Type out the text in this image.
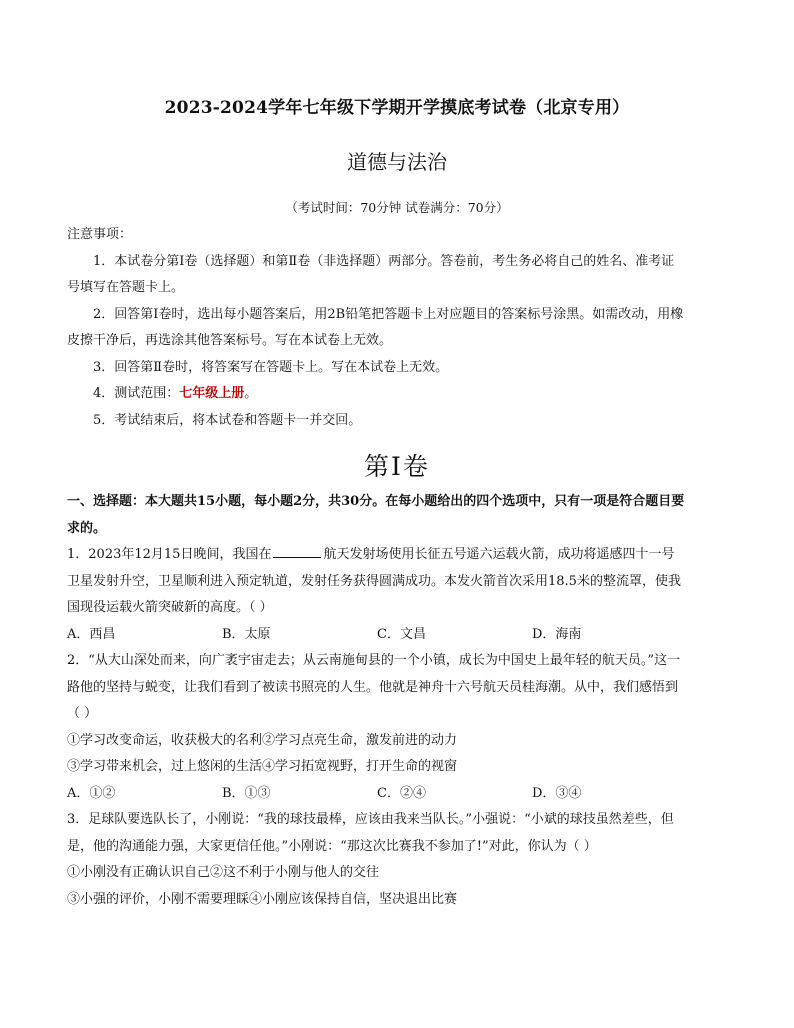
2023-2024学年七年级下学期开学摸底考试卷（北京专用）
道德与法治
（考试时间：70分钟 试卷满分：70分）

注意事项：

1．本试卷分第Ⅰ卷（选择题）和第Ⅱ卷（非选择题）两部分。答卷前，考生务必将自己的姓名、准考证号填写在答题卡上。

2．回答第Ⅰ卷时，选出每小题答案后，用2B铅笔把答题卡上对应题目的答案标号涂黑。如需改动，用橡皮擦干净后，再选涂其他答案标号。写在本试卷上无效。

3．回答第Ⅱ卷时，将答案写在答题卡上。写在本试卷上无效。

4．测试范围：七年级上册。

5．考试结束后，将本试卷和答题卡一并交回。

第Ⅰ卷

一、选择题：本大题共15小题，每小题2分，共30分。在每小题给出的四个选项中，只有一项是符合题目要求的。

1．2023年12月15日晚间，我国在	航天发射场使用长征五号遥六运载火箭，成功将遥感四十一号卫星发射升空，卫星顺利进入预定轨道，发射任务获得圆满成功。本发火箭首次采用18.5米的整流罩，使我国现役运载火箭突破新的高度。（ ）

A．西昌	B．太原	C．文昌	D．海南

2．“从大山深处而来，向广袤宇宙走去；从云南施甸县的一个小镇，成长为中国史上最年轻的航天员。”这一路他的坚持与蜕变，让我们看到了被读书照亮的人生。他就是神舟十六号航天员桂海潮。从中，我们感悟到（ ）

①学习改变命运，收获极大的名利②学习点亮生命，激发前进的动力

③学习带来机会，过上悠闲的生活④学习拓宽视野，打开生命的视窗

A．①②	B．①③	C．②④	D．③④

3．足球队要选队长了，小刚说：“我的球技最棒，应该由我来当队长。”小强说：“小斌的球技虽然差些，但是，他的沟通能力强，大家更信任他。”小刚说：“那这次比赛我不参加了!”对此，你认为（ ）

①小刚没有正确认识自己②这不利于小刚与他人的交往

③小强的评价，小刚不需要理睬④小刚应该保持自信，坚决退出比赛
